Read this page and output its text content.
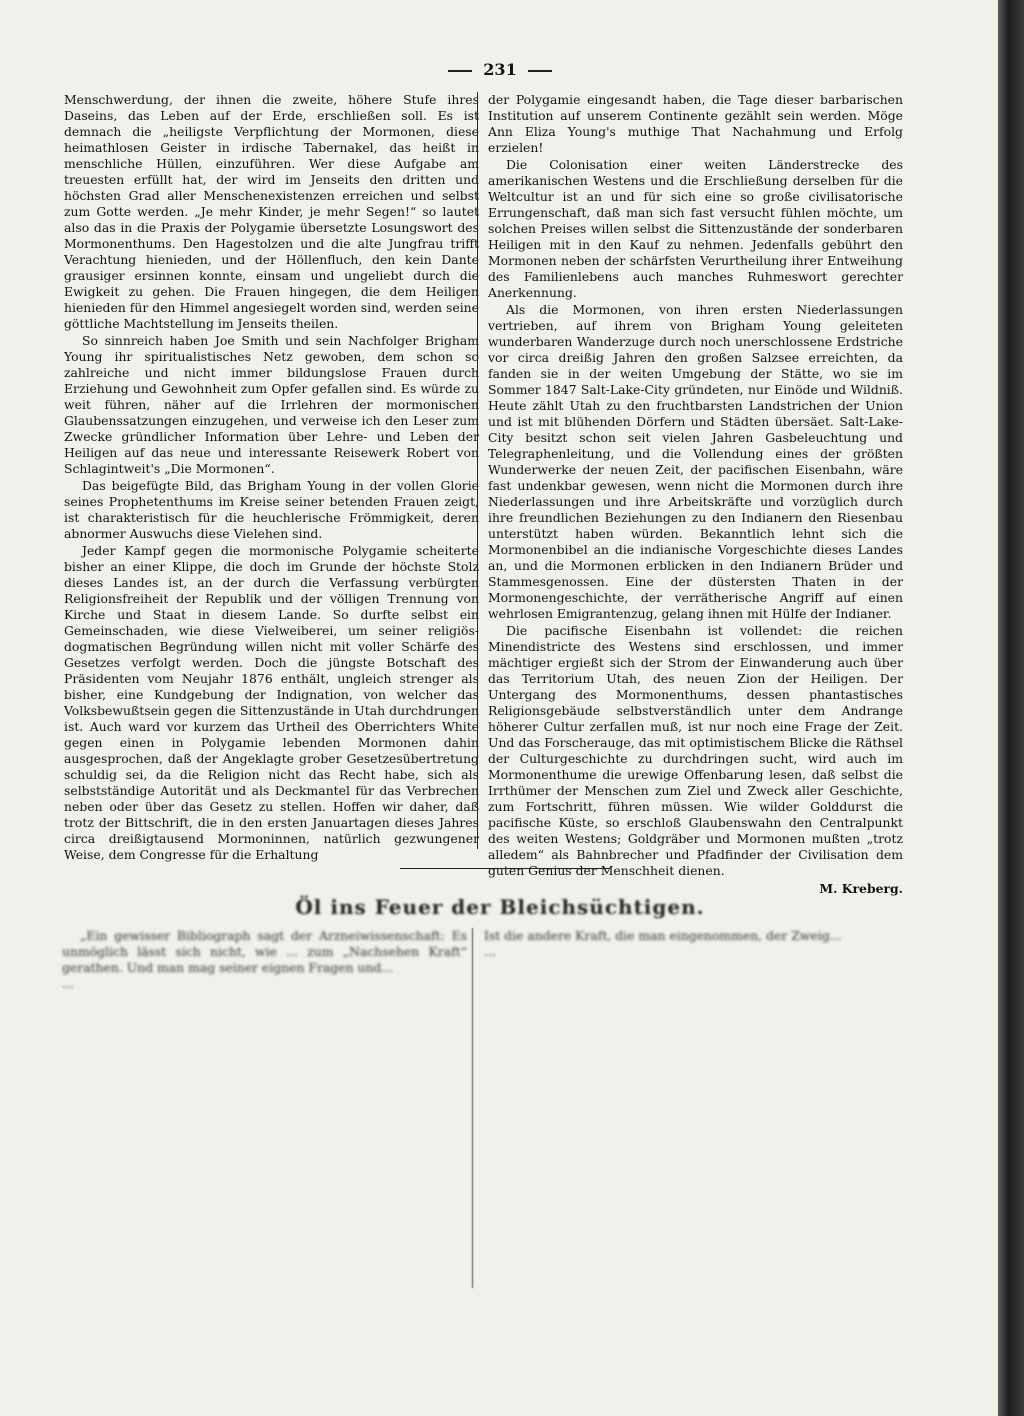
231

Menschwerdung, der ihnen die zweite, höhere Stufe ihres Daseins, das Leben auf der Erde, erschließen soll. Es ist demnach die „heiligste Verpflichtung der Mormonen, diese heimathlosen Geister in irdische Tabernakel, das heißt in menschliche Hüllen, einzuführen. Wer diese Aufgabe am treuesten erfüllt hat, der wird im Jenseits den dritten und höchsten Grad aller Menschenexistenzen erreichen und selbst zum Gotte werden. „Je mehr Kinder, je mehr Segen!“ so lautet also das in die Praxis der Polygamie übersetzte Losungswort des Mormonenthums. Den Hagestolzen und die alte Jungfrau trifft Verachtung hienieden, und der Höllenfluch, den kein Dante grausiger ersinnen konnte, einsam und ungeliebt durch die Ewigkeit zu gehen. Die Frauen hingegen, die dem Heiligen hienieden für den Himmel angesiegelt worden sind, werden seine göttliche Machtstellung im Jenseits theilen.

So sinnreich haben Joe Smith und sein Nachfolger Brigham Young ihr spiritualistisches Netz gewoben, dem schon so zahlreiche und nicht immer bildungslose Frauen durch Erziehung und Gewohnheit zum Opfer gefallen sind. Es würde zu weit führen, näher auf die Irrlehren der mormonischen Glaubenssatzungen einzugehen, und verweise ich den Leser zum Zwecke gründlicher Information über Lehre- und Leben der Heiligen auf das neue und interessante Reisewerk Robert von Schlagintweit's „Die Mormonen“.

Das beigefügte Bild, das Brigham Young in der vollen Glorie seines Prophetenthums im Kreise seiner betenden Frauen zeigt, ist charakteristisch für die heuchlerische Frömmigkeit, deren abnormer Auswuchs diese Vielehen sind.

Jeder Kampf gegen die mormonische Polygamie scheiterte bisher an einer Klippe, die doch im Grunde der höchste Stolz dieses Landes ist, an der durch die Verfassung verbürgten Religionsfreiheit der Republik und der völligen Trennung von Kirche und Staat in diesem Lande. So durfte selbst ein Gemeinschaden, wie diese Vielweiberei, um seiner religiös-dogmatischen Begründung willen nicht mit voller Schärfe des Gesetzes verfolgt werden. Doch die jüngste Botschaft des Präsidenten vom Neujahr 1876 enthält, ungleich strenger als bisher, eine Kundgebung der Indignation, von welcher das Volksbewußtsein gegen die Sittenzustände in Utah durchdrungen ist. Auch ward vor kurzem das Urtheil des Oberrichters White gegen einen in Polygamie lebenden Mormonen dahin ausgesprochen, daß der Angeklagte grober Gesetzesübertretung schuldig sei, da die Religion nicht das Recht habe, sich als selbstständige Autorität und als Deckmantel für das Verbrechen neben oder über das Gesetz zu stellen. Hoffen wir daher, daß trotz der Bittschrift, die in den ersten Januartagen dieses Jahres circa dreißigtausend Mormoninnen, natürlich gezwungener Weise, dem Congresse für die Erhaltung

der Polygamie eingesandt haben, die Tage dieser barbarischen Institution auf unserem Continente gezählt sein werden. Möge Ann Eliza Young's muthige That Nachahmung und Erfolg erzielen!

Die Colonisation einer weiten Länderstrecke des amerikanischen Westens und die Erschließung derselben für die Weltcultur ist an und für sich eine so große civilisatorische Errungenschaft, daß man sich fast versucht fühlen möchte, um solchen Preises willen selbst die Sittenzustände der sonderbaren Heiligen mit in den Kauf zu nehmen. Jedenfalls gebührt den Mormonen neben der schärfsten Verurtheilung ihrer Entweihung des Familienlebens auch manches Ruhmeswort gerechter Anerkennung.

Als die Mormonen, von ihren ersten Niederlassungen vertrieben, auf ihrem von Brigham Young geleiteten wunderbaren Wanderzuge durch noch unerschlossene Erdstriche vor circa dreißig Jahren den großen Salzsee erreichten, da fanden sie in der weiten Umgebung der Stätte, wo sie im Sommer 1847 Salt-Lake-City gründeten, nur Einöde und Wildniß. Heute zählt Utah zu den fruchtbarsten Landstrichen der Union und ist mit blühenden Dörfern und Städten übersäet. Salt-Lake-City besitzt schon seit vielen Jahren Gasbeleuchtung und Telegraphenleitung, und die Vollendung eines der größten Wunderwerke der neuen Zeit, der pacifischen Eisenbahn, wäre fast undenkbar gewesen, wenn nicht die Mormonen durch ihre Niederlassungen und ihre Arbeitskräfte und vorzüglich durch ihre freundlichen Beziehungen zu den Indianern den Riesenbau unterstützt haben würden. Bekanntlich lehnt sich die Mormonenbibel an die indianische Vorgeschichte dieses Landes an, und die Mormonen erblicken in den Indianern Brüder und Stammesgenossen. Eine der düstersten Thaten in der Mormonengeschichte, der verrätherische Angriff auf einen wehrlosen Emigrantenzug, gelang ihnen mit Hülfe der Indianer.

Die pacifische Eisenbahn ist vollendet: die reichen Minendistricte des Westens sind erschlossen, und immer mächtiger ergießt sich der Strom der Einwanderung auch über das Territorium Utah, des neuen Zion der Heiligen. Der Untergang des Mormonenthums, dessen phantastisches Religionsgebäude selbstverständlich unter dem Andrange höherer Cultur zerfallen muß, ist nur noch eine Frage der Zeit. Und das Forscherauge, das mit optimistischem Blicke die Räthsel der Culturgeschichte zu durchdringen sucht, wird auch im Mormonenthume die urewige Offenbarung lesen, daß selbst die Irrthümer der Menschen zum Ziel und Zweck aller Geschichte, zum Fortschritt, führen müssen. Wie wilder Golddurst die pacifische Küste, so erschloß Glaubenswahn den Centralpunkt des weiten Westens; Goldgräber und Mormonen mußten „trotz alledem“ als Bahnbrecher und Pfadfinder der Civilisation dem guten Genius der Menschheit dienen.

M. Kreberg.
Öl ins Feuer der Bleichsüchtigen.

„Ein gewisser Bibliograph sagt der Arzneiwissenschaft: Es unmöglich lässt sich nicht, wie ... zum „Nachsehen Kraft“ gerathen. Und man mag seiner eignen Fragen und...

...

Ist die andere Kraft, die man eingenommen, der Zweig...

...
